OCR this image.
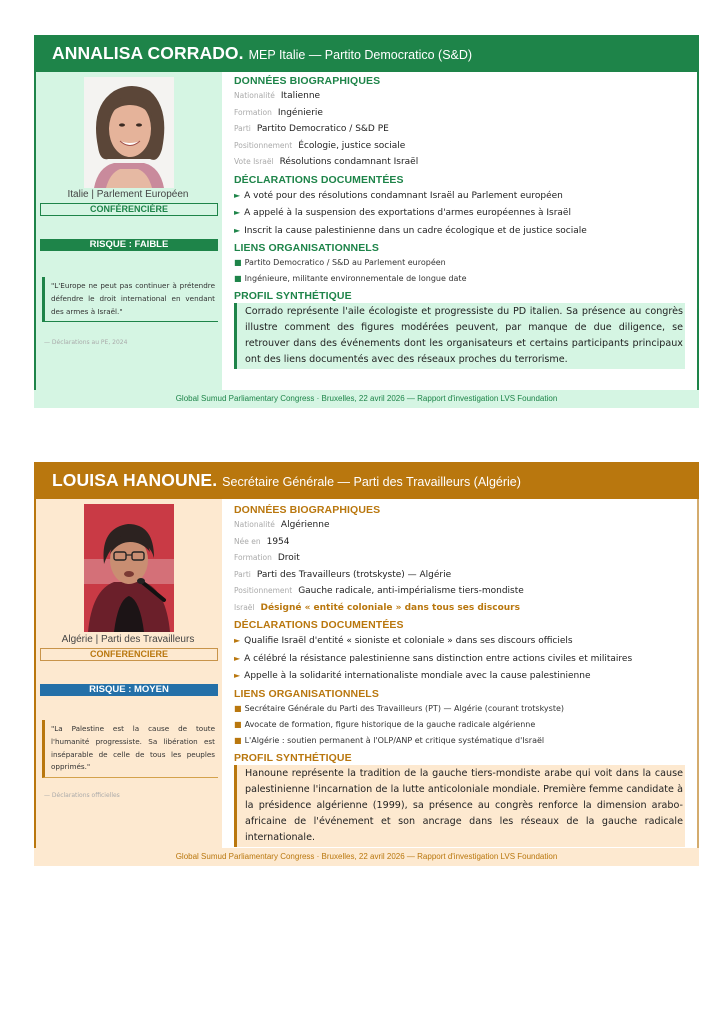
ANNALISA CORRADO. MEP Italie — Partito Democratico (S&D)
Italie | Parlement Européen
CONFÉRENCIÈRE
RISQUE : FAIBLE
"L'Europe ne peut pas continuer à prétendre défendre le droit international en vendant des armes à Israël."
— Déclarations au PE, 2024
DONNÉES BIOGRAPHIQUES
Nationalité Italienne
Formation Ingénierie
Parti Partito Democratico / S&D PE
Positionnement Écologie, justice sociale
Vote Israël Résolutions condamnant Israël
DÉCLARATIONS DOCUMENTÉES
► A voté pour des résolutions condamnant Israël au Parlement européen
► A appelé à la suspension des exportations d'armes européennes à Israël
► Inscrit la cause palestinienne dans un cadre écologique et de justice sociale
LIENS ORGANISATIONNELS
■ Partito Democratico / S&D au Parlement européen
■ Ingénieure, militante environnementale de longue date
PROFIL SYNTHÉTIQUE
Corrado représente l'aile écologiste et progressiste du PD italien. Sa présence au congrès illustre comment des figures modérées peuvent, par manque de due diligence, se retrouver dans des événements dont les organisateurs et certains participants principaux ont des liens documentés avec des réseaux proches du terrorisme.
Global Sumud Parliamentary Congress · Bruxelles, 22 avril 2026 — Rapport d'investigation LVS Foundation
LOUISA HANOUNE. Secrétaire Générale — Parti des Travailleurs (Algérie)
Algérie | Parti des Travailleurs
CONFERENCIERE
RISQUE : MOYEN
"La Palestine est la cause de toute l'humanité progressiste. Sa libération est inséparable de celle de tous les peuples opprimés."
— Déclarations officielles
DONNÉES BIOGRAPHIQUES
Nationalité Algérienne
Née en 1954
Formation Droit
Parti Parti des Travailleurs (trotskyste) — Algérie
Positionnement Gauche radicale, anti-impérialisme tiers-mondiste
Israël Désigné « entité coloniale » dans tous ses discours
DÉCLARATIONS DOCUMENTÉES
► Qualifie Israël d'entité « sioniste et coloniale » dans ses discours officiels
► A célébré la résistance palestinienne sans distinction entre actions civiles et militaires
► Appelle à la solidarité internationaliste mondiale avec la cause palestinienne
LIENS ORGANISATIONNELS
■ Secrétaire Générale du Parti des Travailleurs (PT) — Algérie (courant trotskyste)
■ Avocate de formation, figure historique de la gauche radicale algérienne
■ L'Algérie : soutien permanent à l'OLP/ANP et critique systématique d'Israël
PROFIL SYNTHÉTIQUE
Hanoune représente la tradition de la gauche tiers-mondiste arabe qui voit dans la cause palestinienne l'incarnation de la lutte anticoloniale mondiale. Première femme candidate à la présidence algérienne (1999), sa présence au congrès renforce la dimension arabo-africaine de l'événement et son ancrage dans les réseaux de la gauche radicale internationale.
Global Sumud Parliamentary Congress · Bruxelles, 22 avril 2026 — Rapport d'investigation LVS Foundation
